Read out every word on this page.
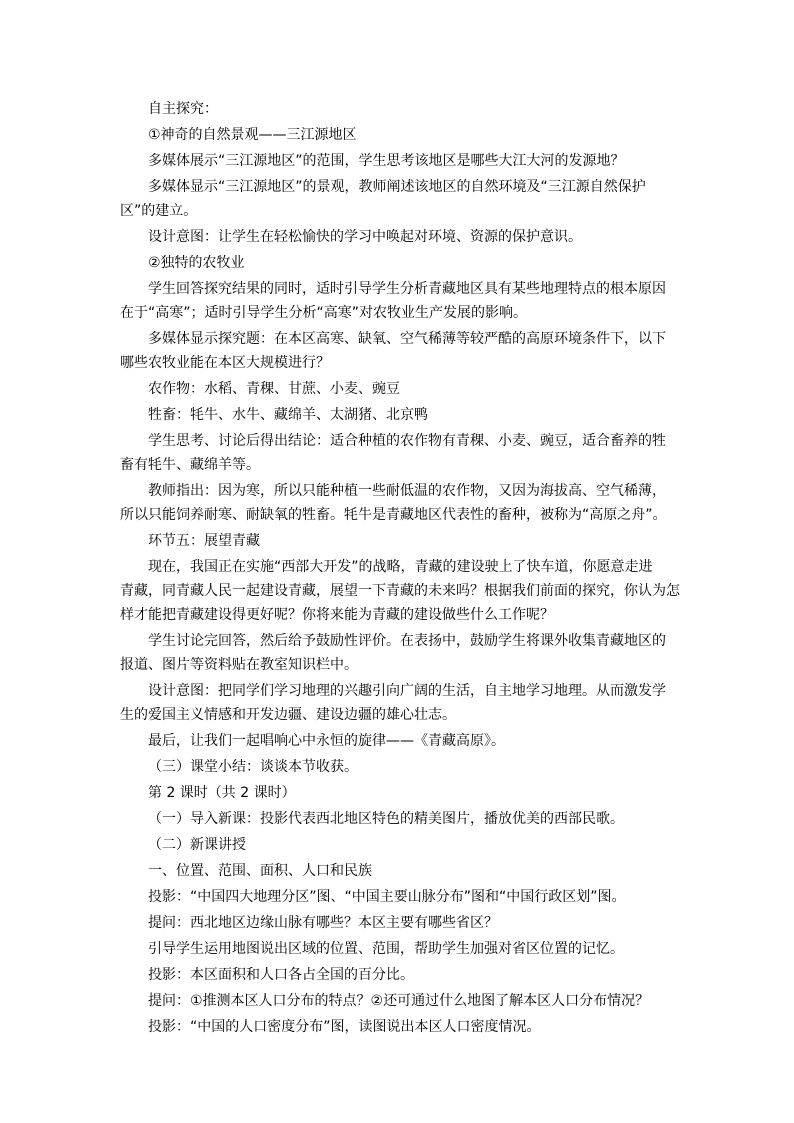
自主探究：

①神奇的自然景观——三江源地区

多媒体展示“三江源地区”的范围，学生思考该地区是哪些大江大河的发源地？

多媒体显示“三江源地区”的景观，教师阐述该地区的自然环境及“三江源自然保护

区”的建立。

设计意图：让学生在轻松愉快的学习中唤起对环境、资源的保护意识。

②独特的农牧业

学生回答探究结果的同时，适时引导学生分析青藏地区具有某些地理特点的根本原因

在于“高寒”；适时引导学生分析“高寒”对农牧业生产发展的影响。

多媒体显示探究题：在本区高寒、缺氧、空气稀薄等较严酷的高原环境条件下，以下

哪些农牧业能在本区大规模进行？

农作物：水稻、青稞、甘蔗、小麦、豌豆

牲畜：牦牛、水牛、藏绵羊、太湖猪、北京鸭

学生思考、讨论后得出结论：适合种植的农作物有青稞、小麦、豌豆，适合畜养的牲

畜有牦牛、藏绵羊等。

教师指出：因为寒，所以只能种植一些耐低温的农作物，又因为海拔高、空气稀薄，

所以只能饲养耐寒、耐缺氧的牲畜。牦牛是青藏地区代表性的畜种，被称为“高原之舟”。

环节五：展望青藏

现在，我国正在实施“西部大开发”的战略，青藏的建设驶上了快车道，你愿意走进

青藏，同青藏人民一起建设青藏，展望一下青藏的未来吗？根据我们前面的探究，你认为怎

样才能把青藏建设得更好呢？你将来能为青藏的建设做些什么工作呢？

学生讨论完回答，然后给予鼓励性评价。在表扬中，鼓励学生将课外收集青藏地区的

报道、图片等资料贴在教室知识栏中。

设计意图：把同学们学习地理的兴趣引向广阔的生活，自主地学习地理。从而激发学

生的爱国主义情感和开发边疆、建设边疆的雄心壮志。

最后，让我们一起唱响心中永恒的旋律——《青藏高原》。

（三）课堂小结：谈谈本节收获。

第 2 课时（共 2 课时）

（一）导入新课：投影代表西北地区特色的精美图片，播放优美的西部民歌。

（二）新课讲授

一、位置、范围、面积、人口和民族

投影：“中国四大地理分区”图、“中国主要山脉分布”图和“中国行政区划”图。

提问：西北地区边缘山脉有哪些？本区主要有哪些省区？

引导学生运用地图说出区域的位置、范围，帮助学生加强对省区位置的记忆。

投影：本区面积和人口各占全国的百分比。

提问：①推测本区人口分布的特点？②还可通过什么地图了解本区人口分布情况？

投影：“中国的人口密度分布”图，读图说出本区人口密度情况。
